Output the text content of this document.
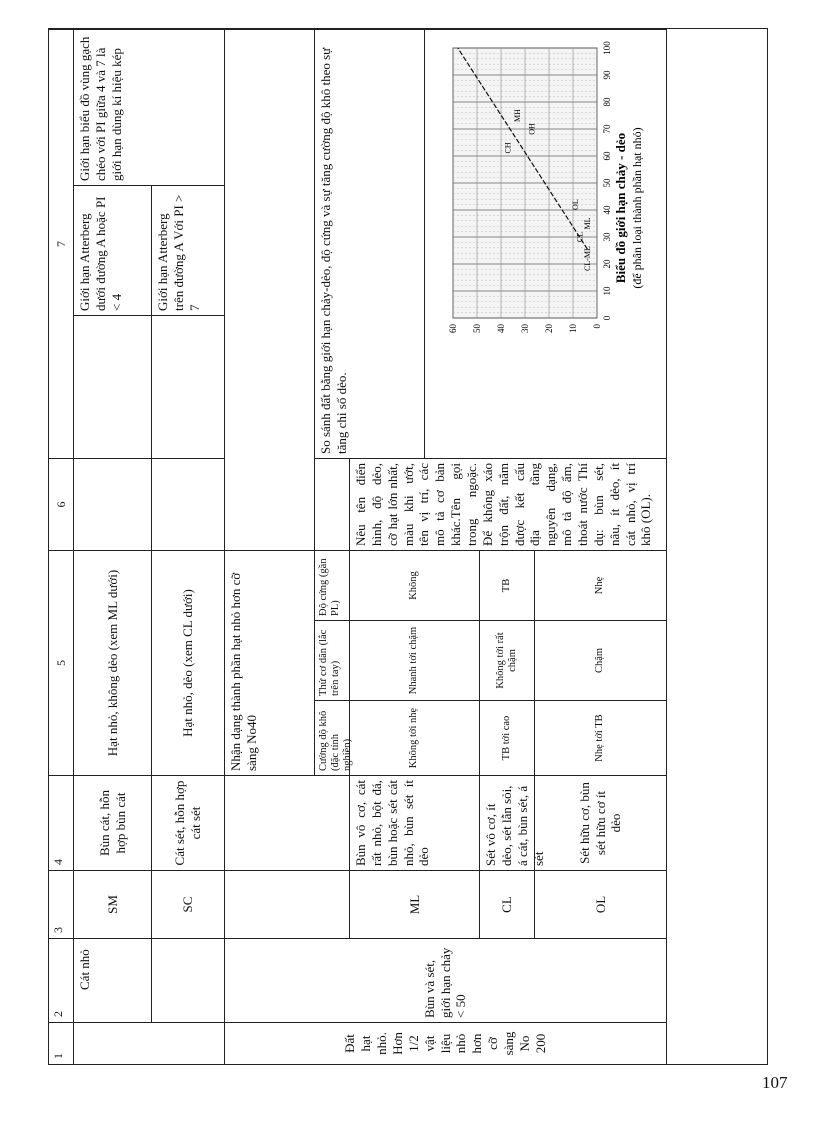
1
2
3
4
5
6
7
Cát nhỏ
SM
Bùn cát, hỗn hợp bùn cát
Hạt nhỏ, không dẻo (xem ML dưới)
Giới hạn Atterberg dưới đường A hoặc PI < 4
Giới hạn biểu đồ vùng gạch chéo với PI giữa 4 và 7 là giới hạn dùng kí hiệu kép
SC
Cát sét, hỗn hợp cát sét
Hạt nhỏ, dẻo (xem CL dưới)
Giới hạn Atterberg trên đường A Với PI > 7
Đất hạt nhỏ. Hơn 1/2 vật liệu nhỏ hơn cỡ sàng No 200
Bùn và sét, giới hạn chảy < 50
Nhận dạng thành phần hạt nhỏ hơn cỡ sàng No40	Cường độ khô (đặc tính nghiền)
Thử cơ dãn (lắc trên tay)
Độ cứng (gần PL)
So sánh đất bằng giới hạn chảy-dẻo, độ cứng và sự tăng cường độ khô theo sự tăng chỉ số dẻo.
ML
Bùn vô cơ, cát rất nhỏ, bột đá, bùn hoặc sét cát nhỏ, bùn sét ít dẻo
Không tới nhẹ
Nhanh tới chậm
Không
Nêu tên điển hình, độ dẻo, cỡ hạt lớn nhất, màu khi ướt, tên vị trí, các mô tả cơ bản khác.Tên gọi trong ngoặc. Để không xáo trộn đất, nắm được kết cấu địa tầng nguyên dạng, mô tả độ ẩm, thoát nước Thí dụ: bùn sét, nâu, ít dẻo, ít cát nhỏ, vị trí khô (OL).
0
10
20
30
40
50
60
70
80
90
100
0
10
20
30
40
50
60
CL
ML
OL
CH
OH
MH
CL-ML Biểu đồ giới hạn chảy - dẻo (để phân loại thành phần hạt nhỏ)
CL
Sét vô cơ, ít dẻo, sét lẫn sỏi, á cát, bùn sét, á sét
TB tới cao
Không tới rất chậm
TB
OL
Sét hữu cơ, bùn sét hữu cơ ít dẻo
Nhẹ tới TB
Chậm
Nhẹ
107
